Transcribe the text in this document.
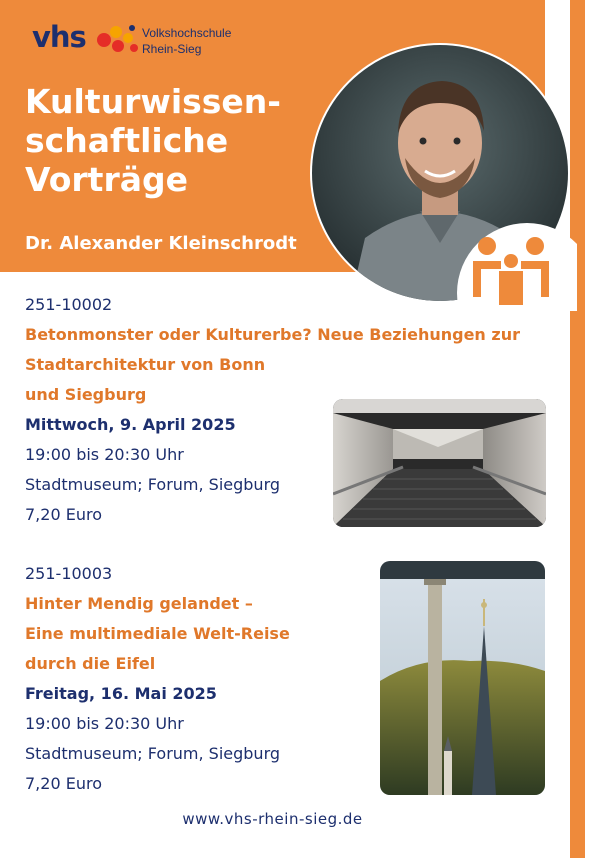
vhs	Volkshochschule
Rhein-Sieg
Kulturwissen-
schaftliche
Vorträge
Dr. Alexander Kleinschrodt
251-10002
Betonmonster oder Kulturerbe? Neue Beziehungen zur
Stadtarchitektur von Bonn
und Siegburg
Mittwoch, 9. April 2025
19:00 bis 20:30 Uhr
Stadtmuseum; Forum, Siegburg
7,20 Euro
251-10003
Hinter Mendig gelandet –
Eine multimediale Welt-Reise
durch die Eifel
Freitag, 16. Mai 2025
19:00 bis 20:30 Uhr
Stadtmuseum; Forum, Siegburg
7,20 Euro
www.vhs-rhein-sieg.de
